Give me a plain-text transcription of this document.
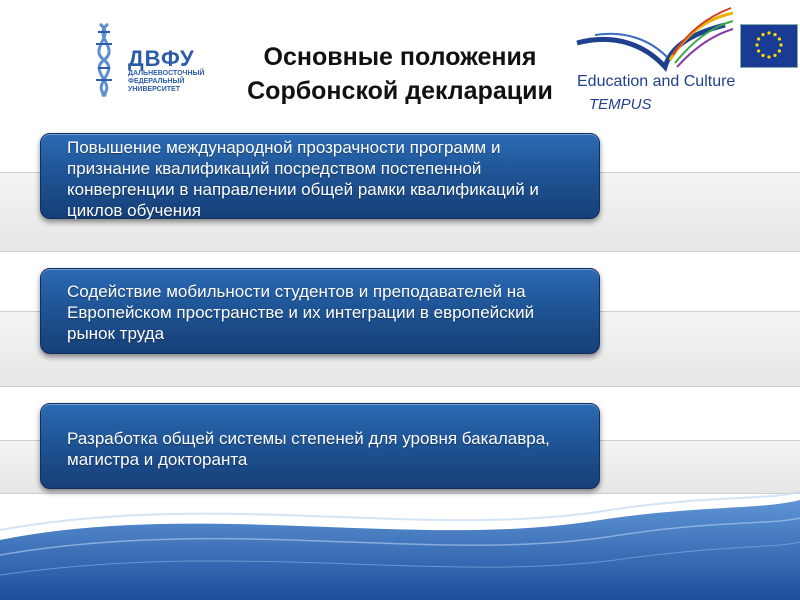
ДВФУ
ДАЛЬНЕВОСТОЧНЫЙ
ФЕДЕРАЛЬНЫЙ
УНИВЕРСИТЕТ
Основные положения
Сорбонской декларации	Education and Culture
TEMPUS
Повышение международной прозрачности программ и признание квалификаций посредством постепенной конвергенции в направлении общей рамки квалификаций и циклов обучения
Содействие мобильности студентов и преподавателей на Европейском пространстве и их интеграции в европейский рынок труда
Разработка общей системы степеней для уровня бакалавра, магистра и докторанта
